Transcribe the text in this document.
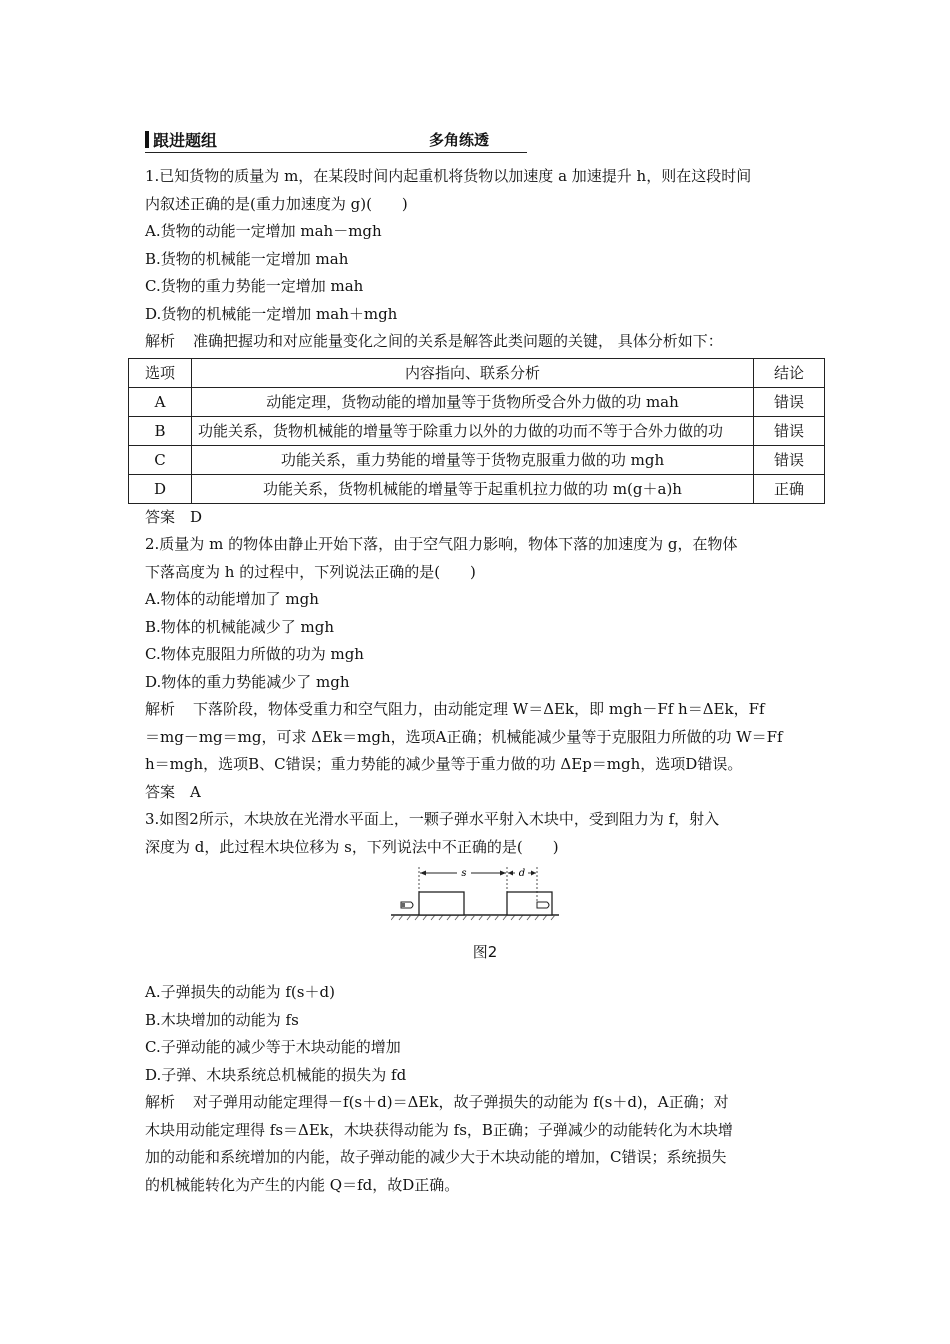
跟进题组	多角练透

1.已知货物的质量为 m，在某段时间内起重机将货物以加速度 a 加速提升 h，则在这段时间

内叙述正确的是(重力加速度为 g)(　　)

A.货物的动能一定增加 mah－mgh

B.货物的机械能一定增加 mah

C.货物的重力势能一定增加 mah

D.货物的机械能一定增加 mah＋mgh

解析 准确把握功和对应能量变化之间的关系是解答此类问题的关键， 具体分析如下：

选项	内容指向、联系分析	结论
A	动能定理，货物动能的增加量等于货物所受合外力做的功 mah	错误
B	功能关系，货物机械能的增量等于除重力以外的力做的功而不等于合外力做的功	错误
C	功能关系，重力势能的增量等于货物克服重力做的功 mgh	错误
D	功能关系，货物机械能的增量等于起重机拉力做的功 m(g＋a)h	正确

答案　D

2.质量为 m 的物体由静止开始下落，由于空气阻力影响，物体下落的加速度为 g，在物体

下落高度为 h 的过程中，下列说法正确的是(　　)

A.物体的动能增加了 mgh

B.物体的机械能减少了 mgh

C.物体克服阻力所做的功为 mgh

D.物体的重力势能减少了 mgh

解析 下落阶段，物体受重力和空气阻力，由动能定理 W＝ΔEk，即 mgh－Ff h＝ΔEk，Ff

＝mg－mg＝mg，可求 ΔEk＝mgh，选项A正确；机械能减少量等于克服阻力所做的功 W＝Ff

h＝mgh，选项B、C错误；重力势能的减少量等于重力做的功 ΔEp＝mgh，选项D错误。

答案　A

3.如图2所示，木块放在光滑水平面上，一颗子弹水平射入木块中，受到阻力为 f，射入

深度为 d，此过程木块位移为 s，下列说法中不正确的是(　　)

s	d

图2

A.子弹损失的动能为 f(s＋d)

B.木块增加的动能为 fs

C.子弹动能的减少等于木块动能的增加

D.子弹、木块系统总机械能的损失为 fd

解析 对子弹用动能定理得－f(s＋d)＝ΔEk，故子弹损失的动能为 f(s＋d)，A正确；对

木块用动能定理得 fs＝ΔEk，木块获得动能为 fs，B正确；子弹减少的动能转化为木块增

加的动能和系统增加的内能，故子弹动能的减少大于木块动能的增加，C错误；系统损失

的机械能转化为产生的内能 Q＝fd，故D正确。
